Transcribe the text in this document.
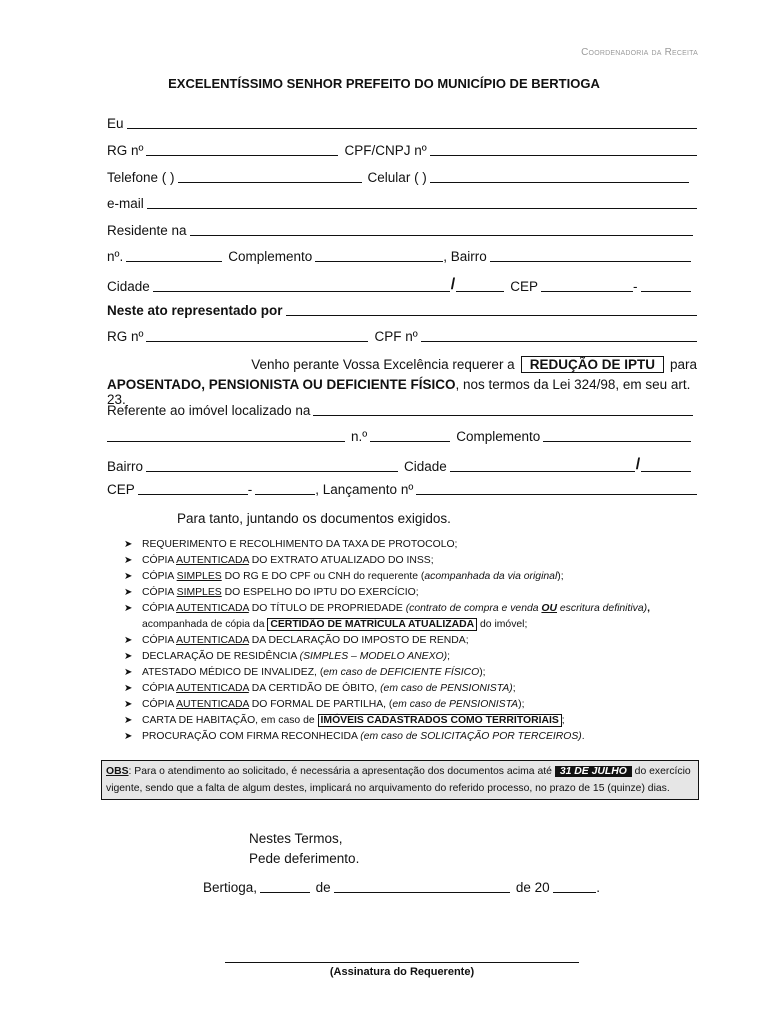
Coordenadoria da Receita
EXCELENTÍSSIMO SENHOR PREFEITO DO MUNICÍPIO DE BERTIOGA
Eu
RG nº	CPF/CNPJ nº
Telefone ( )	Celular ( )
e-mail
Residente na
nº.	Complemento	, Bairro
Cidade	/	CEP	-
Neste ato representado por
RG nº	CPF nº
Venho perante Vossa Excelência requerer a	REDUÇÃO DE IPTU	para
APOSENTADO, PENSIONISTA OU DEFICIENTE FÍSICO, nos termos da Lei 324/98, em seu art. 23.
Referente ao imóvel localizado na
n.º	Complemento
Bairro	Cidade	/
CEP	-	, Lançamento nº
Para tanto, juntando os documentos exigidos.
➤ REQUERIMENTO E RECOLHIMENTO DA TAXA DE PROTOCOLO;
➤ CÓPIA AUTENTICADA DO EXTRATO ATUALIZADO DO INSS;
➤ CÓPIA SIMPLES DO RG E DO CPF ou CNH do requerente (acompanhada da via original);
➤ CÓPIA SIMPLES DO ESPELHO DO IPTU DO EXERCÍCIO;
➤ CÓPIA AUTENTICADA DO TÍTULO DE PROPRIEDADE (contrato de compra e venda OU escritura definitiva),
acompanhada de cópia da CERTIDÃO DE MATRÍCULA ATUALIZADA do imóvel;
➤ CÓPIA AUTENTICADA DA DECLARAÇÃO DO IMPOSTO DE RENDA;
➤ DECLARAÇÃO DE RESIDÊNCIA (SIMPLES – MODELO ANEXO);
➤ ATESTADO MÉDICO DE INVALIDEZ, (em caso de DEFICIENTE FÍSICO);
➤ CÓPIA AUTENTICADA DA CERTIDÃO DE ÓBITO, (em caso de PENSIONISTA);
➤ CÓPIA AUTENTICADA DO FORMAL DE PARTILHA, (em caso de PENSIONISTA);
➤ CARTA DE HABITAÇÃO, em caso de IMÓVEIS CADASTRADOS COMO TERRITORIAIS ;
➤ PROCURAÇÃO COM FIRMA RECONHECIDA (em caso de SOLICITAÇÃO POR TERCEIROS).
OBS: Para o atendimento ao solicitado, é necessária a apresentação dos documentos acima até 31 DE JULHO do exercício vigente, sendo que a falta de algum destes, implicará no arquivamento do referido processo, no prazo de 15 (quinze) dias.
Nestes Termos,
Pede deferimento.
Bertioga,	de	de 20	.
(Assinatura do Requerente)
